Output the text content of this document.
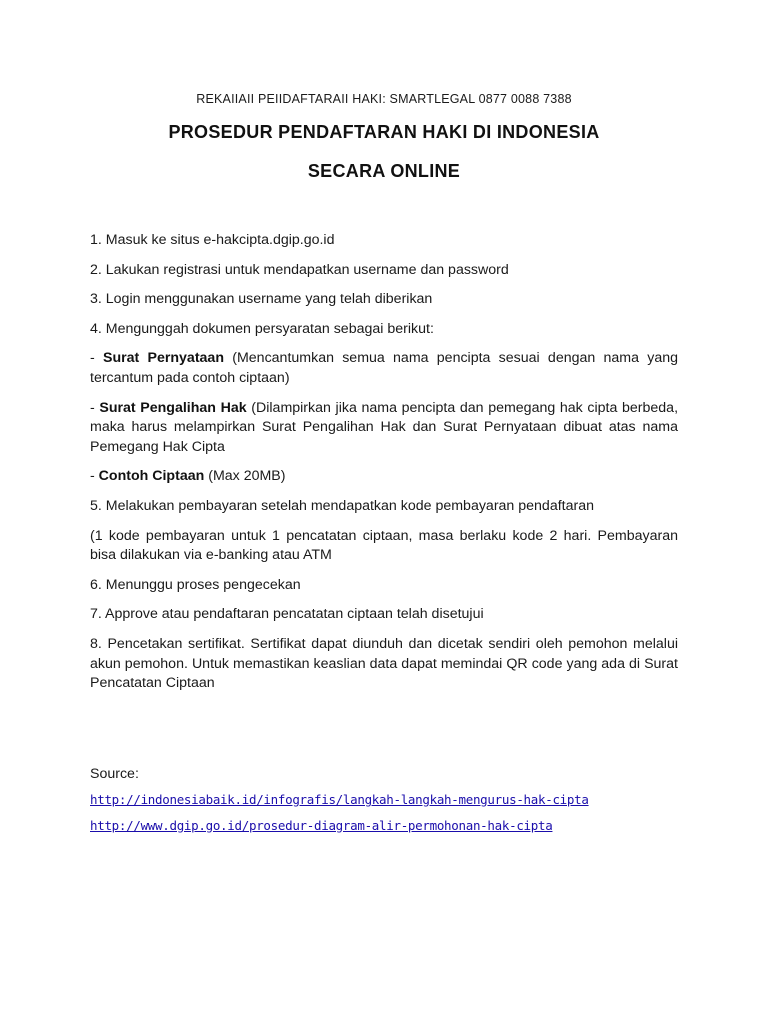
REKAIIAII PEIIDAFTARAII HAKI: SMARTLEGAL 0877 0088 7388
PROSEDUR PENDAFTARAN HAKI DI INDONESIA
SECARA ONLINE

1. Masuk ke situs e-hakcipta.dgip.go.id

2. Lakukan registrasi untuk mendapatkan username dan password

3. Login menggunakan username yang telah diberikan

4. Mengunggah dokumen persyaratan sebagai berikut:

- Surat Pernyataan (Mencantumkan semua nama pencipta sesuai dengan nama yang tercantum pada contoh ciptaan)

- Surat Pengalihan Hak (Dilampirkan jika nama pencipta dan pemegang hak cipta berbeda, maka harus melampirkan Surat Pengalihan Hak dan Surat Pernyataan dibuat atas nama Pemegang Hak Cipta

- Contoh Ciptaan (Max 20MB)

5. Melakukan pembayaran setelah mendapatkan kode pembayaran pendaftaran

(1 kode pembayaran untuk 1 pencatatan ciptaan, masa berlaku kode 2 hari. Pembayaran bisa dilakukan via e-banking atau ATM

6. Menunggu proses pengecekan

7. Approve atau pendaftaran pencatatan ciptaan telah disetujui

8. Pencetakan sertifikat. Sertifikat dapat diunduh dan dicetak sendiri oleh pemohon melalui akun pemohon. Untuk memastikan keaslian data dapat memindai QR code yang ada di Surat Pencatatan Ciptaan

Source:
http://indonesiabaik.id/infografis/langkah-langkah-mengurus-hak-cipta
http://www.dgip.go.id/prosedur-diagram-alir-permohonan-hak-cipta
